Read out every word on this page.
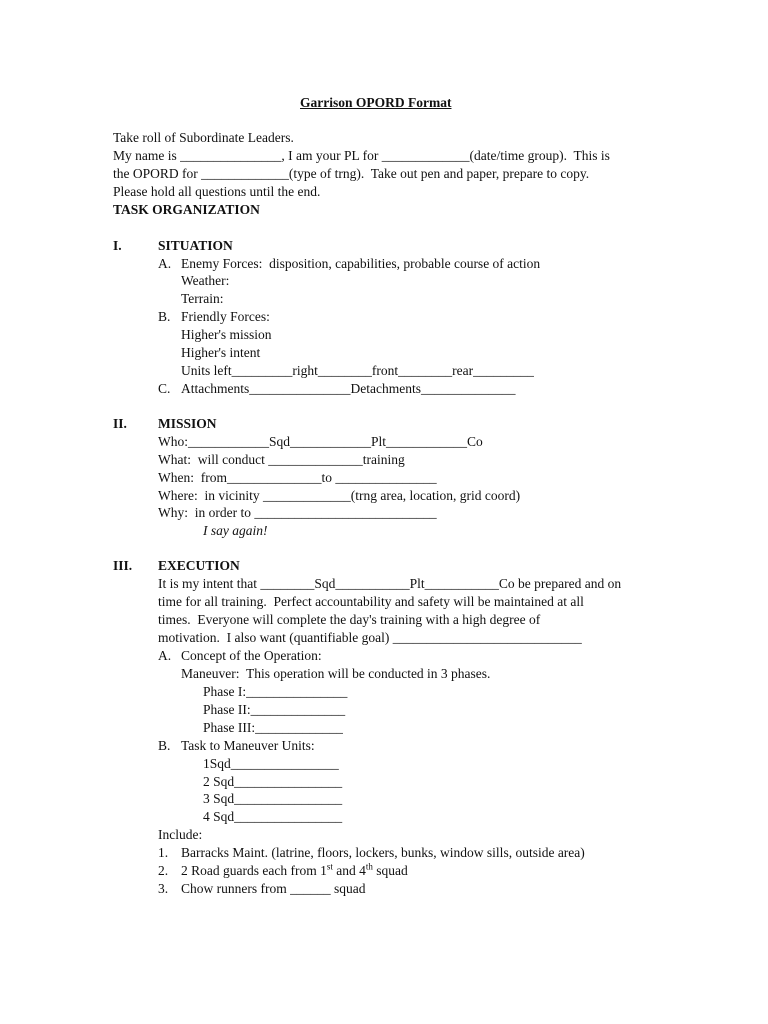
Garrison OPORD Format
Take roll of Subordinate Leaders.
My name is _______________, I am your PL for _____________(date/time group).  This is
the OPORD for _____________(type of trng).  Take out pen and paper, prepare to copy.
Please hold all questions until the end.
TASK ORGANIZATION
I.	SITUATION
A. Enemy Forces:  disposition, capabilities, probable course of action
Weather:
Terrain:
B. Friendly Forces:
Higher's mission
Higher's intent
Units left_________right________front________rear_________
C. Attachments_______________Detachments______________
II. MISSION
Who:____________Sqd____________Plt____________Co
What:  will conduct ______________training
When:  from______________to _______________
Where:  in vicinity _____________(trng area, location, grid coord)
Why:  in order to ___________________________
I say again!
III. EXECUTION
It is my intent that ________Sqd___________Plt___________Co be prepared and on
time for all training.  Perfect accountability and safety will be maintained at all
times.  Everyone will complete the day's training with a high degree of
motivation.  I also want (quantifiable goal) ____________________________
A. Concept of the Operation:
Maneuver:  This operation will be conducted in 3 phases.
Phase I:_______________
Phase II:______________
Phase III:_____________
B. Task to Maneuver Units:
1Sqd________________
2 Sqd________________
3 Sqd________________
4 Sqd________________
Include:
1. Barracks Maint. (latrine, floors, lockers, bunks, window sills, outside area)
2. 2 Road guards each from 1st and 4th squad
3. Chow runners from ______ squad
